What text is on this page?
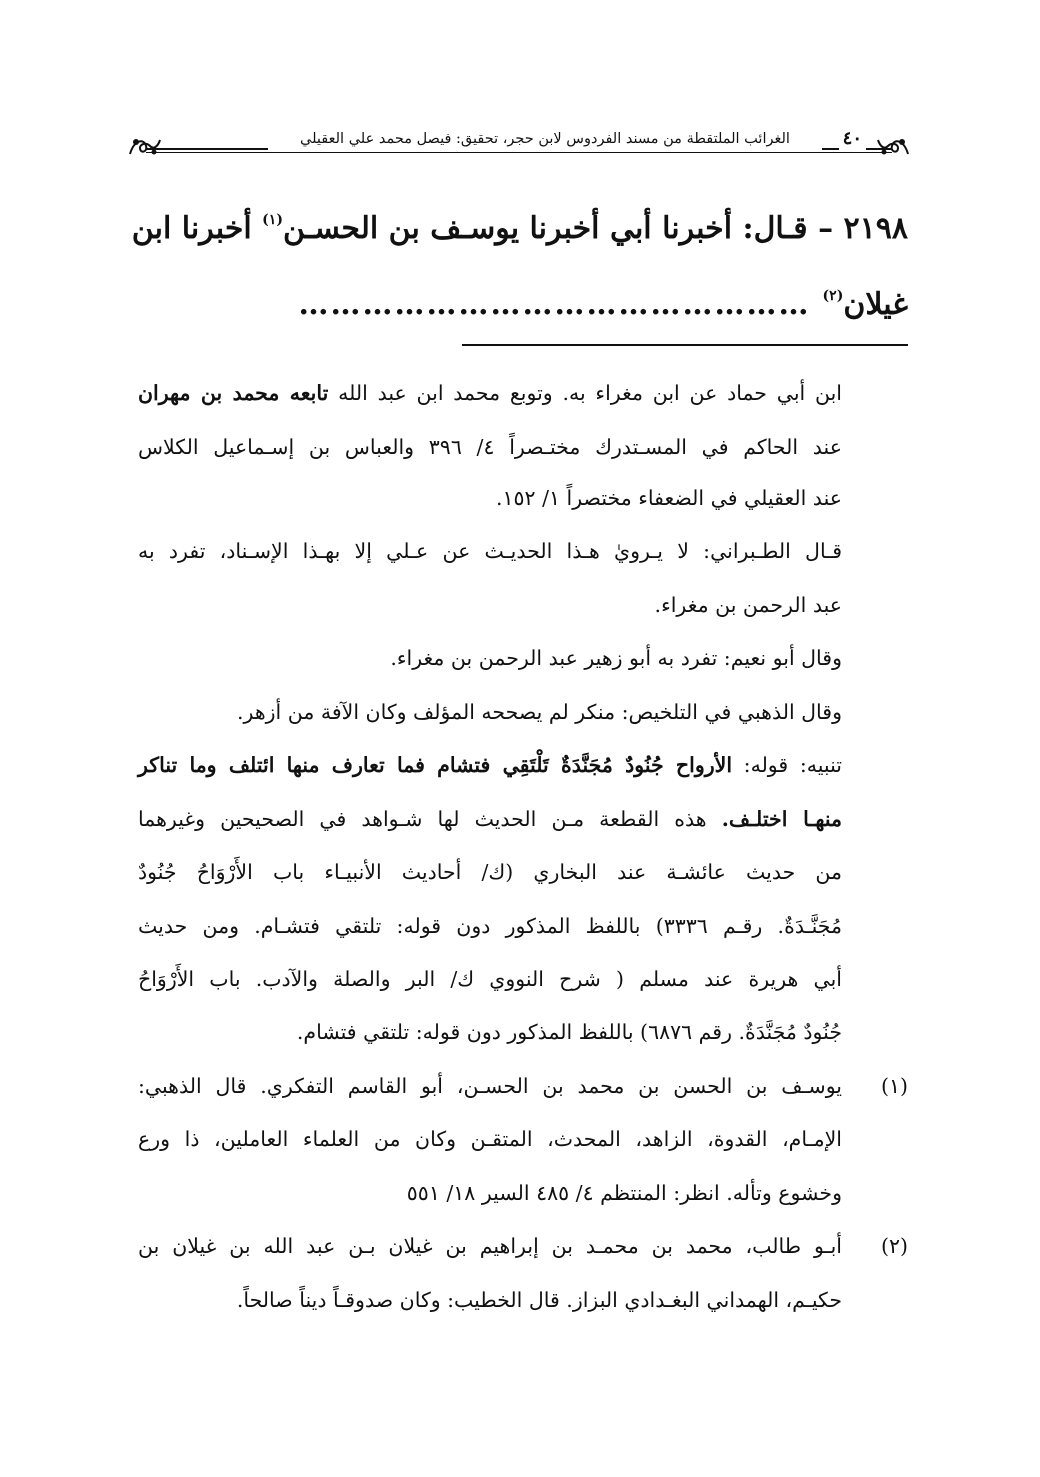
٤٠
الغرائب الملتقطة من مسند الفردوس لابن حجر، تحقيق: فيصل محمد علي العقيلي
٢١٩٨ – قـال: أخبرنا أبي أخبرنا يوسـف بن الحسـن$^{(١)}$ أخبرنا ابن
غيلان$^{(٢)}$…………………………………………
ابن أبي حماد عن ابن مغراء به. وتوبع محمد ابن عبد الله تابعه محمد بن مهران
عند الحاكم في المسـتدرك مختـصراً ٤/ ٣٩٦ والعباس بن إسـماعيل الكلاس
عند العقيلي في الضعفاء مختصراً ١/ ١٥٢.
قـال الطـبراني: لا يـرويٰ هـذا الحديـث عن عـلي إلا بهـذا الإسـناد، تفرد به
عبد الرحمن بن مغراء.
وقال أبو نعيم: تفرد به أبو زهير عبد الرحمن بن مغراء.
وقال الذهبي في التلخيص: منكر لم يصححه المؤلف وكان الآفة من أزهر.
تنبيه: قوله: الأرواح جُنُودٌ مُجَنَّدَةٌ تَلْتَقِي فتشام فما تعارف منها ائتلف وما تناكر
منهـا اختلـف. هذه القطعة مـن الحديث لها شـواهد في الصحيحين وغيرهما
من حديث عائشـة عند البخاري (ك/ أحاديث الأنبيـاء باب الأَرْوَاحُ جُنُودٌ
مُجَنَّـدَةٌ. رقـم ٣٣٣٦) باللفظ المذكور دون قوله: تلتقي فتشـام. ومن حديث
أبي هريرة عند مسلم ( شرح النووي ك/ البر والصلة والآدب. باب الأَرْوَاحُ
جُنُودٌ مُجَنَّدَةٌ. رقم ٦٨٧٦) باللفظ المذكور دون قوله: تلتقي فتشام.
(١)
يوسـف بن الحسن بن محمد بن الحسـن، أبو القاسم التفكري. قال الذهبي:
الإمـام، القدوة، الزاهد، المحدث، المتقـن وكان من العلماء العاملين، ذا ورع
وخشوع وتأله. انظر: المنتظم ٤/ ٤٨٥ السير ١٨/ ٥٥١
(٢)
أبـو طالب، محمد بن محمـد بن إبراهيم بن غيلان بـن عبد الله بن غيلان بن
حكيـم، الهمداني البغـدادي البزاز. قال الخطيب: وكان صدوقـاً ديناً صالحاً.
